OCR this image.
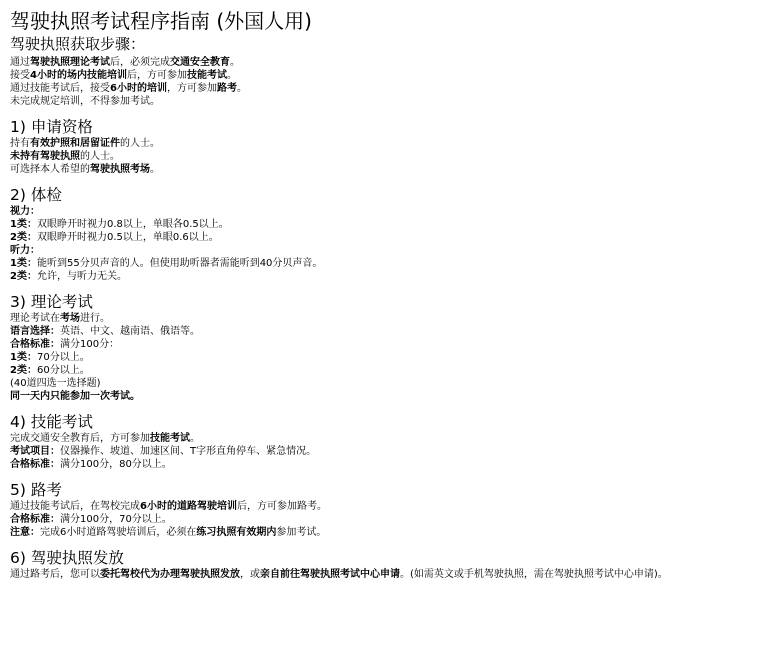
驾驶执照考试程序指南 (外国人用)
驾驶执照获取步骤：
通过驾驶执照理论考试后，必须完成交通安全教育。
接受4小时的场内技能培训后，方可参加技能考试。
通过技能考试后，接受6小时的培训，方可参加路考。
未完成规定培训，不得参加考试。
1) 申请资格
持有有效护照和居留证件的人士。
未持有驾驶执照的人士。
可选择本人希望的驾驶执照考场。
2) 体检
视力：
1类：双眼睁开时视力0.8以上，单眼各0.5以上。
2类：双眼睁开时视力0.5以上，单眼0.6以上。
听力：
1类：能听到55分贝声音的人。但使用助听器者需能听到40分贝声音。
2类：允许，与听力无关。
3) 理论考试
理论考试在考场进行。
语言选择：英语、中文、越南语、俄语等。
合格标准：满分100分：
1类：70分以上。
2类：60分以上。
(40道四选一选择题)
同一天内只能参加一次考试。
4) 技能考试
完成交通安全教育后，方可参加技能考试。
考试项目：仪器操作、坡道、加速区间、T字形直角停车、紧急情况。
合格标准：满分100分，80分以上。
5) 路考
通过技能考试后，在驾校完成6小时的道路驾驶培训后，方可参加路考。
合格标准：满分100分，70分以上。
注意：完成6小时道路驾驶培训后，必须在练习执照有效期内参加考试。
6) 驾驶执照发放
通过路考后，您可以委托驾校代为办理驾驶执照发放，或亲自前往驾驶执照考试中心申请。(如需英文或手机驾驶执照，需在驾驶执照考试中心申请)。
